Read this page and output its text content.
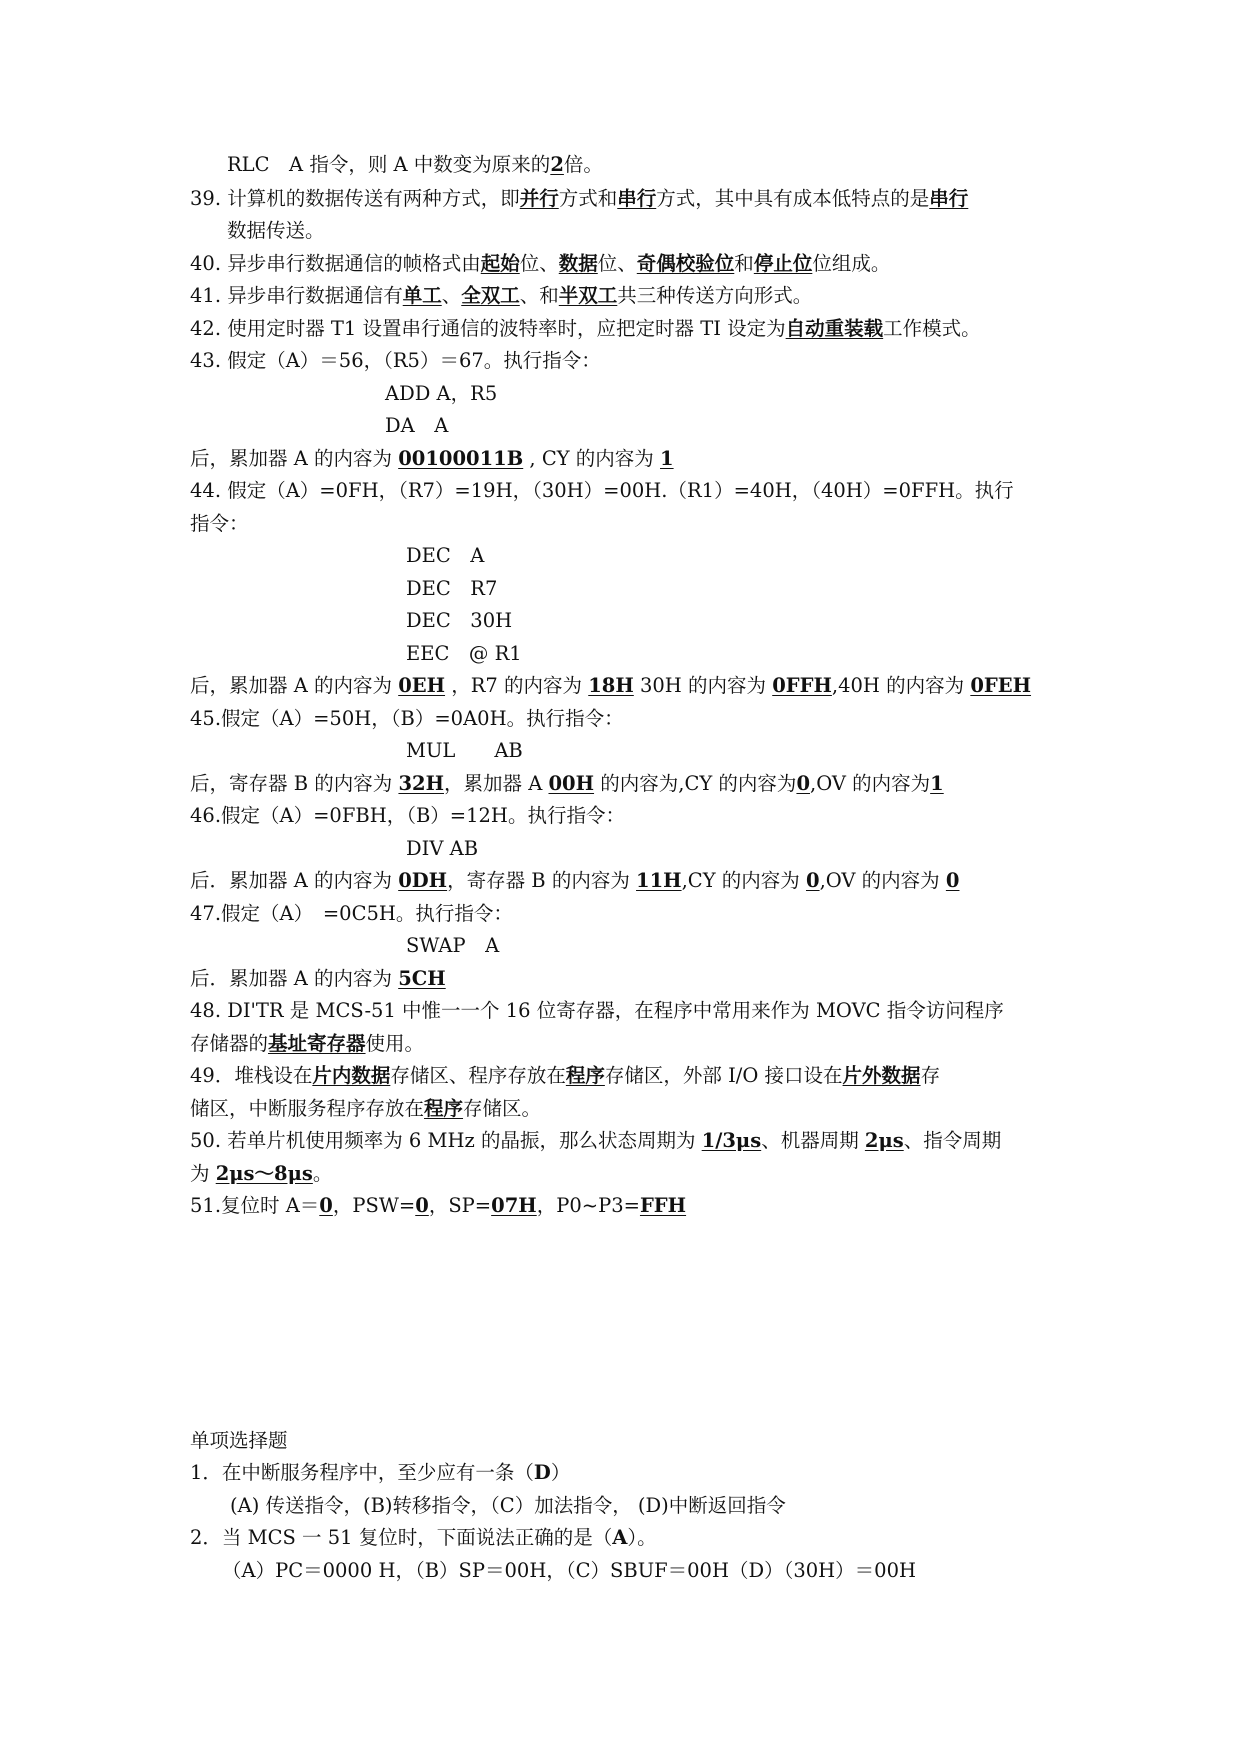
RLC　A 指令，则 A 中数变为原来的2倍。
39. 计算机的数据传送有两种方式，即并行方式和串行方式，其中具有成本低特点的是串行
数据传送。
40. 异步串行数据通信的帧格式由起始位、数据位、奇偶校验位和停止位位组成。
41. 异步串行数据通信有单工、全双工、和半双工共三种传送方向形式。
42. 使用定时器 T1 设置串行通信的波特率时，应把定时器 TI 设定为自动重装载工作模式。
43. 假定（A）＝56，（R5）＝67。执行指令：
ADD A，R5
DA　A
后，累加器 A 的内容为 00100011B , CY 的内容为 1
44. 假定（A）=0FH，（R7）=19H，（30H）=00H.（R1）=40H，（40H）=0FFH。执行
指令：
DEC　A
DEC　R7
DEC　30H
EEC　@ R1
后，累加器 A 的内容为 0EH ，R7 的内容为 18H 30H 的内容为 0FFH,40H 的内容为 0FEH
45.假定（A）=50H，（B）=0A0H。执行指令：
MUL　　AB
后，寄存器 B 的内容为 32H，累加器 A 00H 的内容为,CY 的内容为0,OV 的内容为1
46.假定（A）=0FBH，（B）=12H。执行指令：
DIV AB
后．累加器 A 的内容为 0DH，寄存器 B 的内容为 11H,CY 的内容为 0,OV 的内容为 0
47.假定（A）　=0C5H。执行指令：
SWAP　A
后．累加器 A 的内容为 5CH
48. DI'TR 是 MCS-51 中惟一一个 16 位寄存器，在程序中常用来作为 MOVC 指令访问程序
存储器的基址寄存器使用。
49．堆栈设在片内数据存储区、程序存放在程序存储区，外部 I/O 接口设在片外数据存
储区，中断服务程序存放在程序存储区。
50. 若单片机使用频率为 6 MHz 的晶振，那么状态周期为 1/3μs、机器周期 2μs、指令周期
为 2μs～8μs。
51.复位时 A＝0，PSW=0，SP=07H，P0~P3=FFH
单项选择题
1．在中断服务程序中，至少应有一条（D）
(A) 传送指令，(B)转移指令，（C）加法指令， (D)中断返回指令
2．当 MCS 一 51 复位时，下面说法正确的是（A）。
（A）PC＝0000 H，（B）SP＝00H，（C）SBUF＝00H（D）（30H）＝00H
